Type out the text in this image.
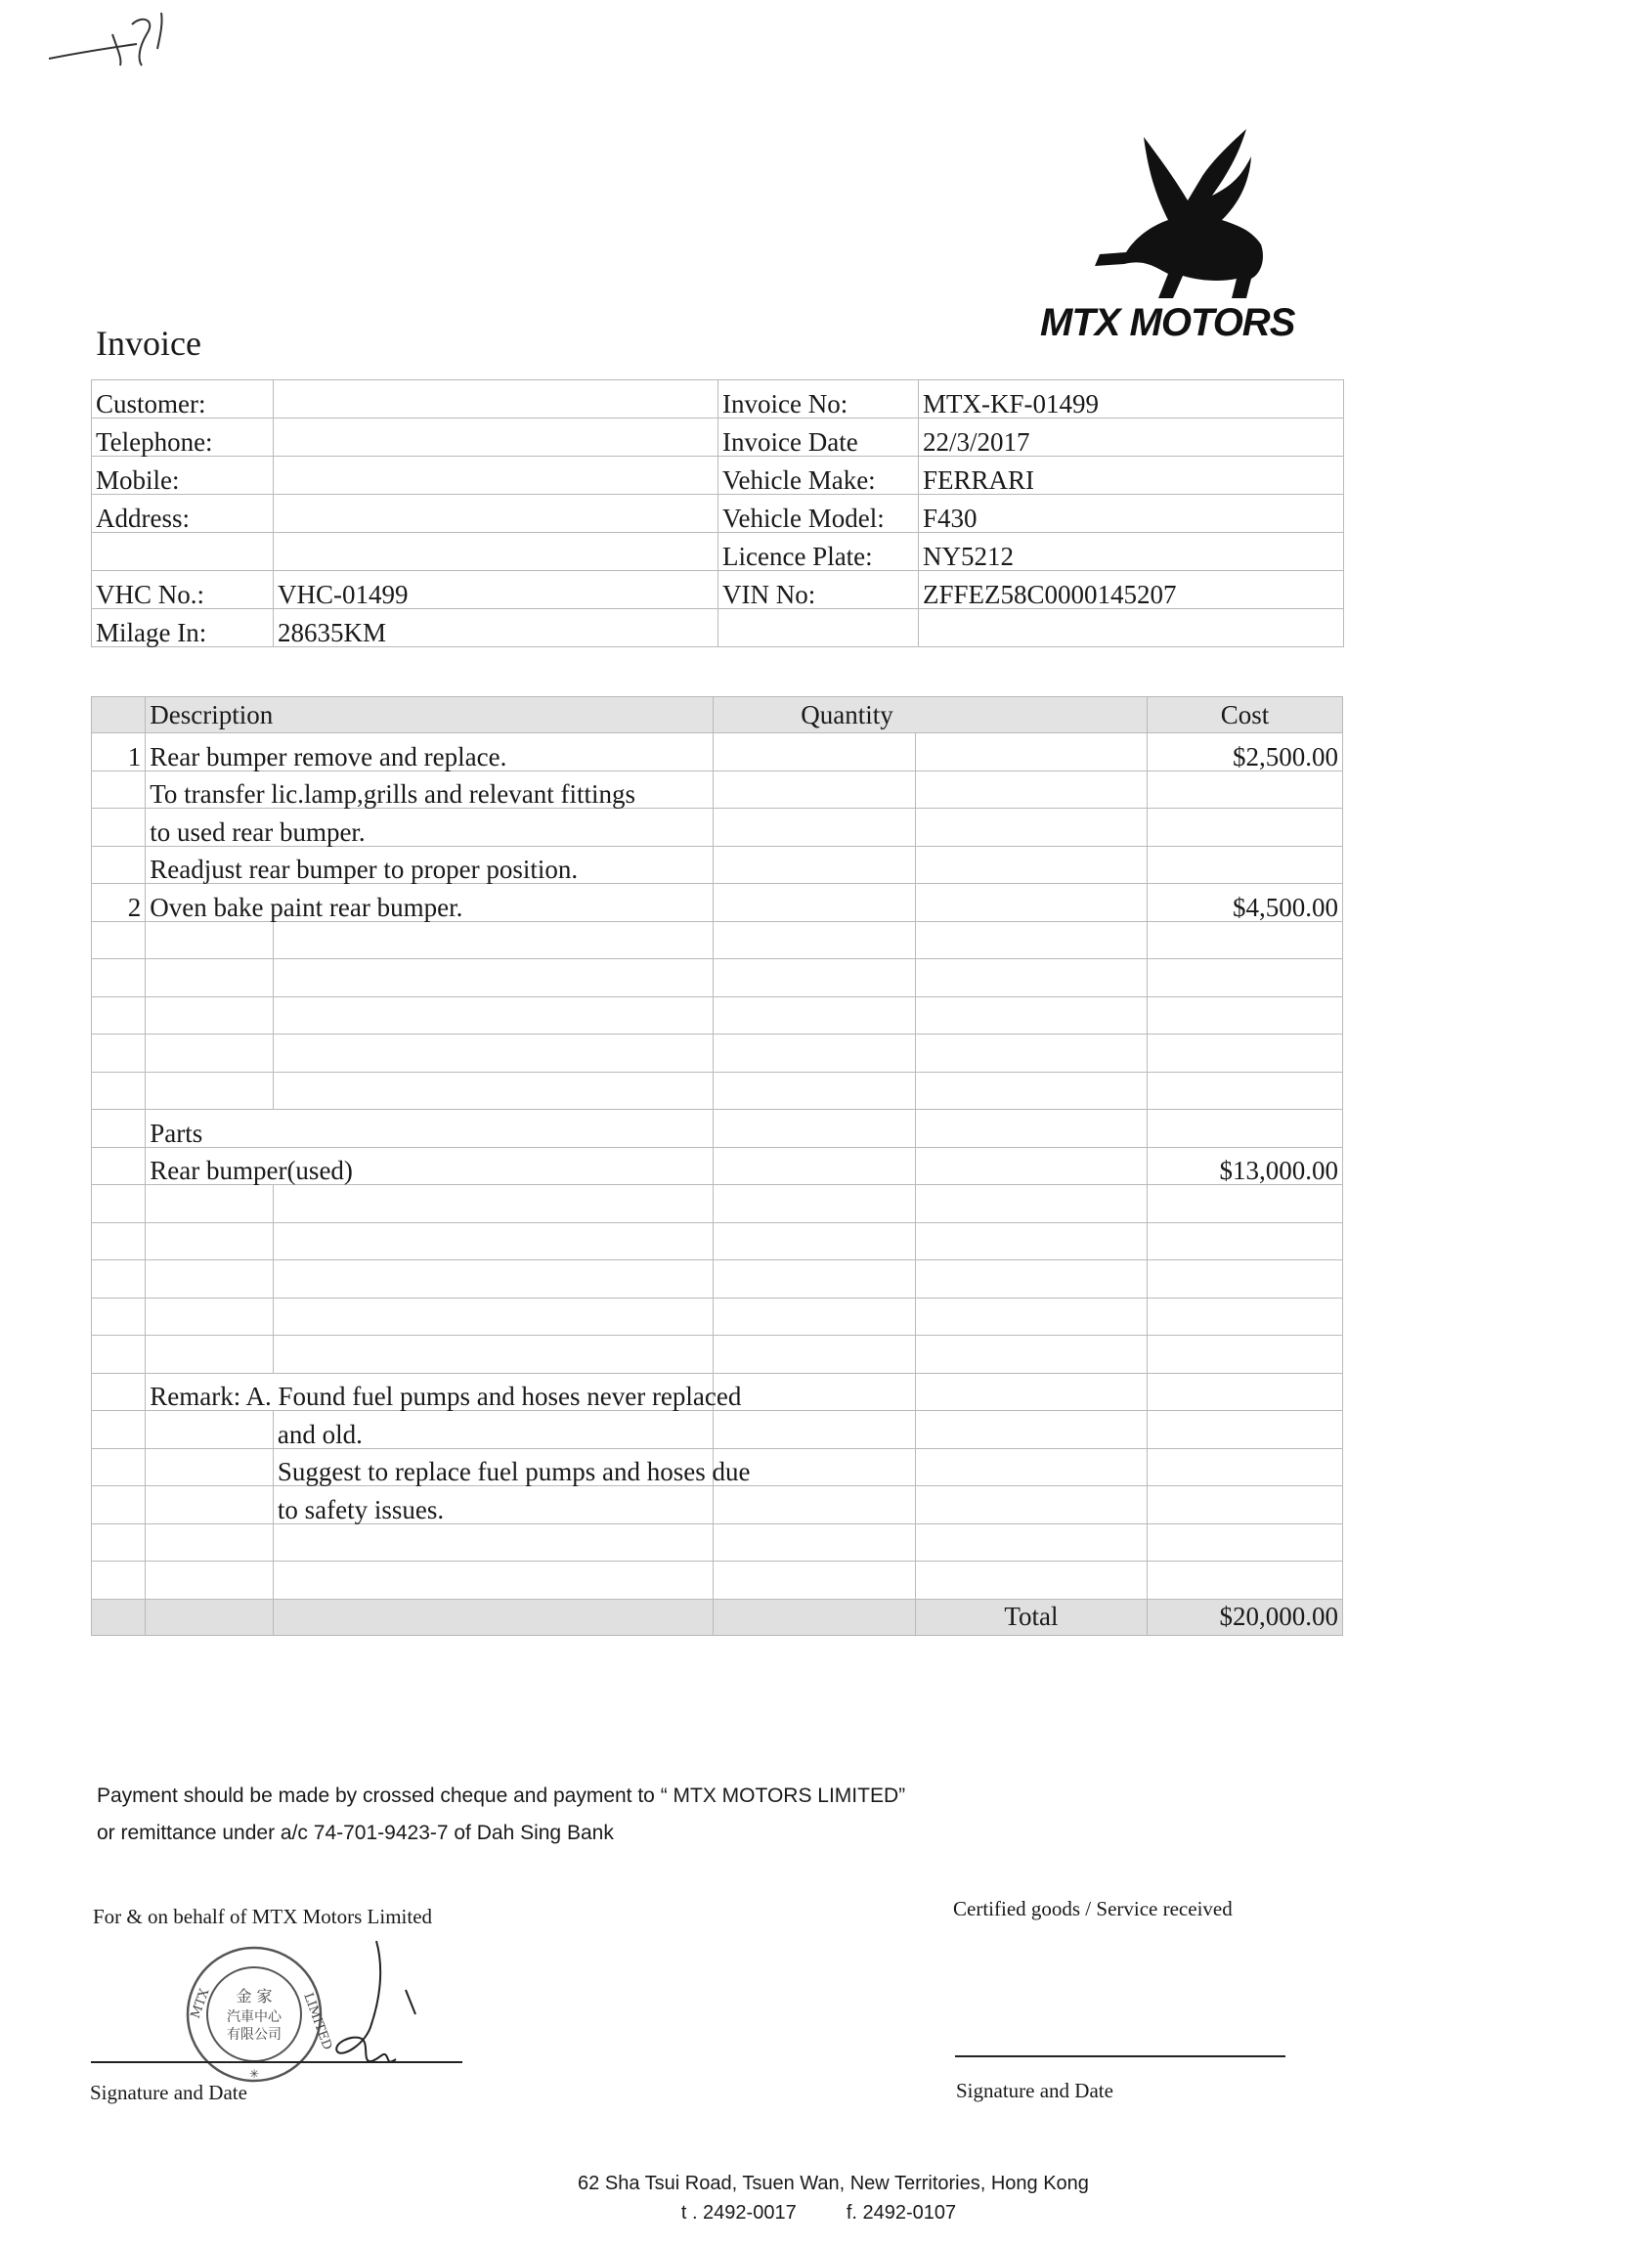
Invoice	MTX MOTORS
Customer:		Invoice No:	MTX-KF-01499
Telephone:		Invoice Date	22/3/2017
Mobile:		Vehicle Make:	FERRARI
Address:		Vehicle Model:	F430
		Licence Plate:	NY5212
VHC No.:	VHC-01499	VIN No:	ZFFEZ58C0000145207
Milage In:	28635KM		
	Description		Quantity		Cost
1	Rear bumper remove and replace.				$2,500.00
	To transfer lic.lamp,grills and relevant fittings				
	to used rear bumper.				
	Readjust rear bumper to proper position.				
2	Oven bake paint rear bumper.				$4,500.00

	Parts				
	Rear bumper(used)				$13,000.00

	Remark: A. Found fuel pumps and hoses never replaced				
		and old.			
		Suggest to replace fuel pumps and hoses due			
		to safety issues.			

				Total	$20,000.00
Payment should be made by crossed cheque and payment to “ MTX MOTORS LIMITED”
or remittance under a/c 74-701-9423-7 of Dah Sing Bank
For & on behalf of MTX Motors Limited	Certified goods / Service received
金 家
汽車中心
有限公司
✳
MTX	LIMITED
Signature and Date	Signature and Date
62 Sha Tsui Road, Tsuen Wan, New Territories, Hong Kong
t . 2492-0017	f. 2492-0107
